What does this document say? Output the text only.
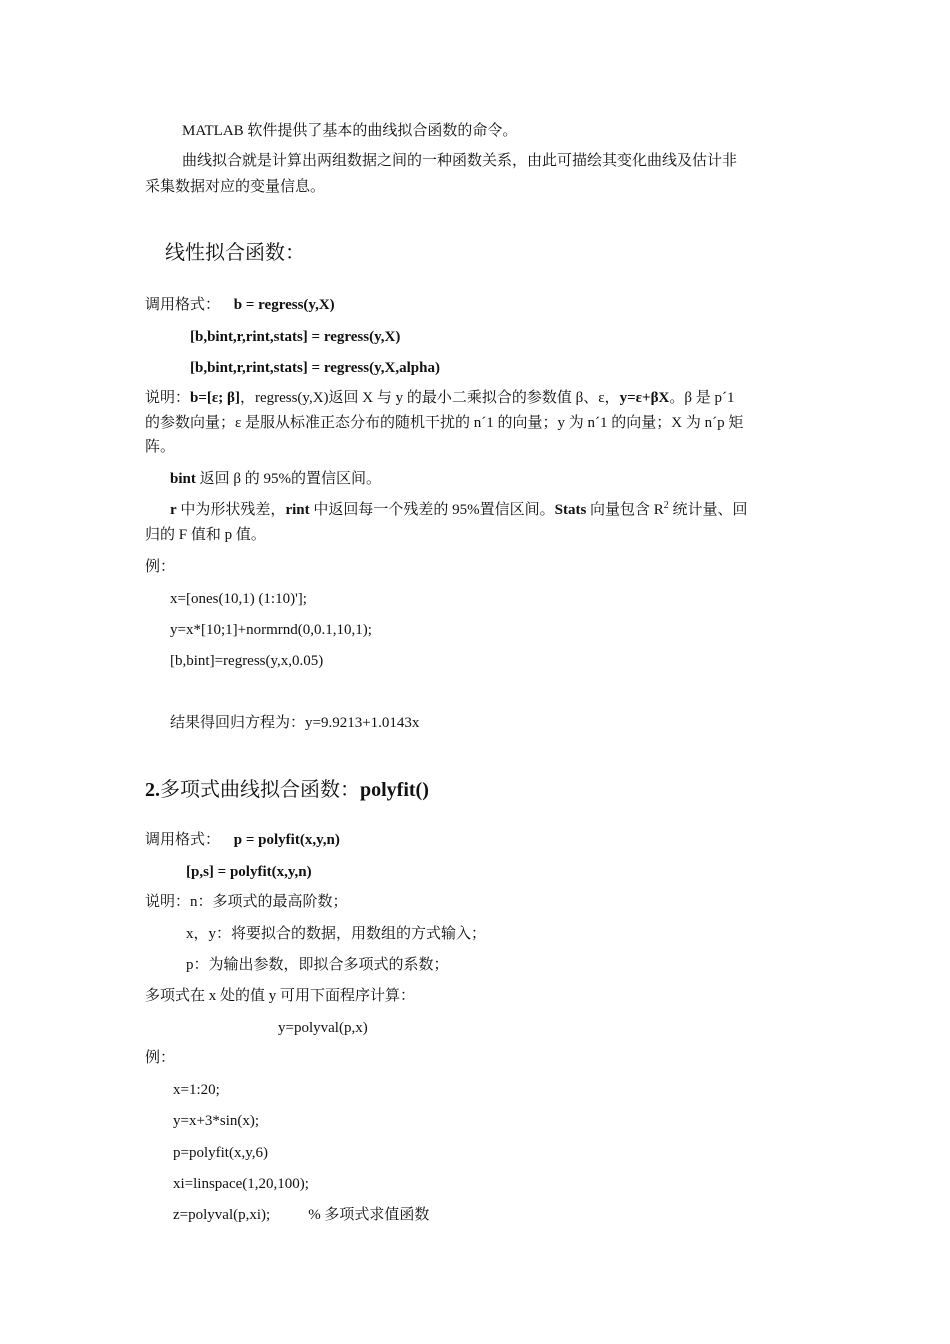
MATLAB 软件提供了基本的曲线拟合函数的命令。
曲线拟合就是计算出两组数据之间的一种函数关系，由此可描绘其变化曲线及估计非
采集数据对应的变量信息。
线性拟合函数：
调用格式： b = regress(y,X)
[b,bint,r,rint,stats] = regress(y,X)
[b,bint,r,rint,stats] = regress(y,X,alpha)
说明：b=[ε; β]，regress(y,X)返回 X 与 y 的最小二乘拟合的参数值 β、ε，y=ε+βX。β 是 p´1
的参数向量；ε 是服从标准正态分布的随机干扰的 n´1 的向量；y 为 n´1 的向量；X 为 n´p 矩
阵。
bint 返回 β 的 95%的置信区间。
r 中为形状残差，rint 中返回每一个残差的 95%置信区间。Stats 向量包含 $R^2$ 统计量、回
归的 F 值和 p 值。
例：
x=[ones(10,1) (1:10)'];
y=x*[10;1]+normrnd(0,0.1,10,1);
[b,bint]=regress(y,x,0.05)
结果得回归方程为：y=9.9213+1.0143x
2.多项式曲线拟合函数：polyfit()
调用格式： p = polyfit(x,y,n)
[p,s] = polyfit(x,y,n)
说明：n：多项式的最高阶数；
x，y：将要拟合的数据，用数组的方式输入；
p：为输出参数，即拟合多项式的系数；
多项式在 x 处的值 y 可用下面程序计算：
y=polyval(p,x)
例：
x=1:20;
y=x+3*sin(x);
p=polyfit(x,y,6)
xi=linspace(1,20,100);
z=polyval(p,xi);	% 多项式求值函数
